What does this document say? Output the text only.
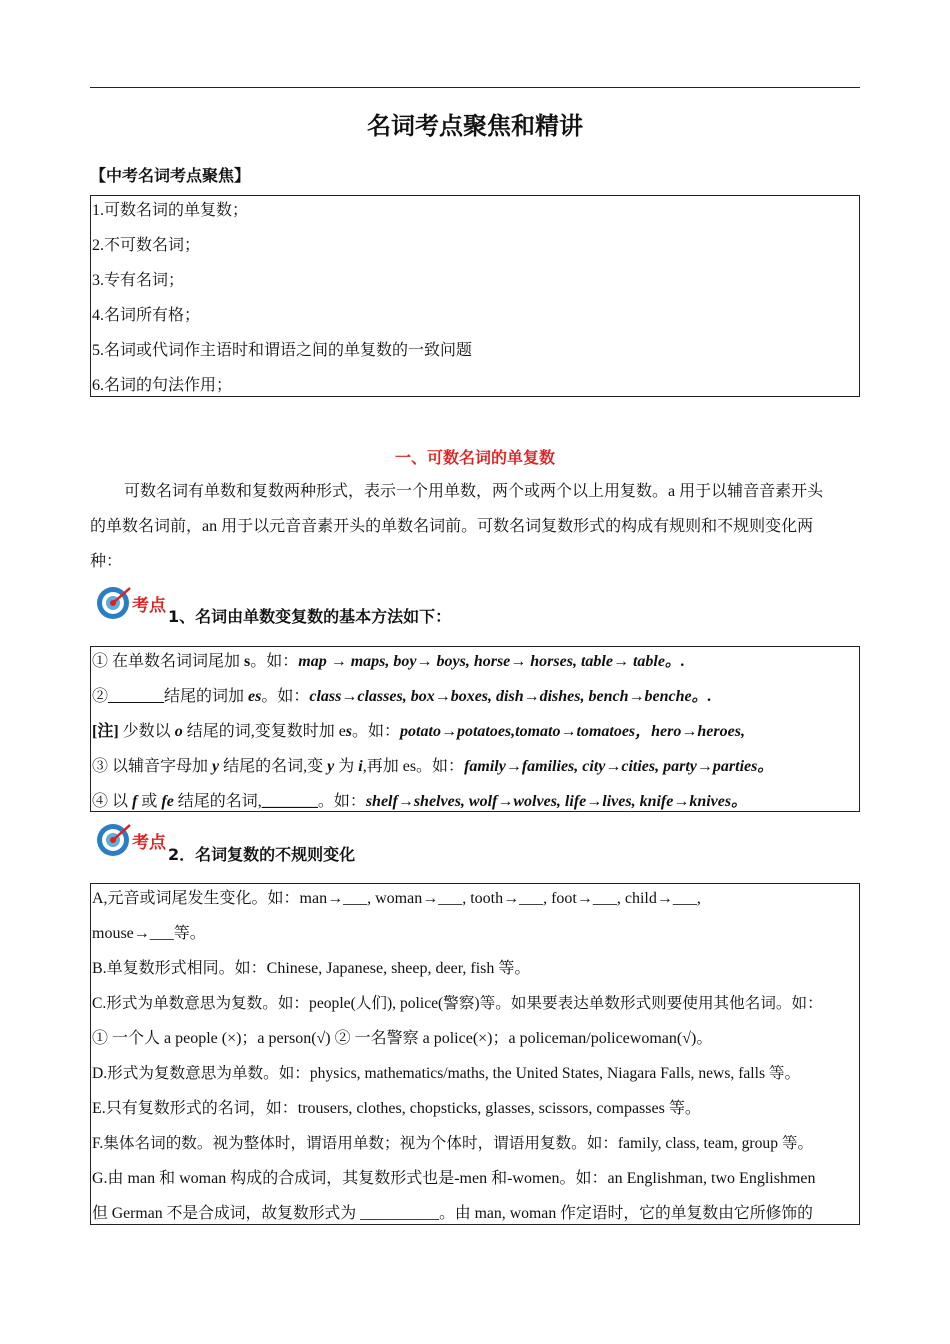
名词考点聚焦和精讲
【中考名词考点聚焦】
1.可数名词的单复数；
2.不可数名词；
3.专有名词；
4.名词所有格；
5.名词或代词作主语时和谓语之间的单复数的一致问题
6.名词的句法作用；
一、可数名词的单复数
可数名词有单数和复数两种形式，表示一个用单数，两个或两个以上用复数。a 用于以辅音音素开头
的单数名词前，an 用于以元音音素开头的单数名词前。可数名词复数形式的构成有规则和不规则变化两
种：
考点
1、名词由单数变复数的基本方法如下：
① 在单数名词词尾加 s。如：map → maps, boy→ boys, horse→ horses, table→ table。.
②_______结尾的词加 es。如：class→classes, box→boxes, dish→dishes, bench→benche。.
[注] 少数以 o 结尾的词,变复数时加 es。如：potato→potatoes,tomato→tomatoes，hero→heroes,
③ 以辅音字母加 y 结尾的名词,变 y 为 i,再加 es。如：family→families, city→cities, party→parties。
④ 以 f 或 fe 结尾的名词,_______。如：shelf→shelves, wolf→wolves, life→lives, knife→knives。
考点
2．名词复数的不规则变化
A,元音或词尾发生变化。如：man→___, woman→___, tooth→___, foot→___, child→___,
mouse→___等。
B.单复数形式相同。如：Chinese, Japanese, sheep, deer, fish 等。
C.形式为单数意思为复数。如：people(人们), police(警察)等。如果要表达单数形式则要使用其他名词。如：
① 一个人 a people (×)；a person(√) ② 一名警察 a police(×)；a policeman/policewoman(√)。
D.形式为复数意思为单数。如：physics, mathematics/maths, the United States, Niagara Falls, news, falls 等。
E.只有复数形式的名词，如：trousers, clothes, chopsticks, glasses, scissors, compasses 等。
F.集体名词的数。视为整体时，谓语用单数；视为个体时，谓语用复数。如：family, class, team, group 等。
G.由 man 和 woman 构成的合成词，其复数形式也是-men 和-women。如：an Englishman, two Englishmen
但 German 不是合成词，故复数形式为 __________。由 man, woman 作定语时，它的单复数由它所修饰的
